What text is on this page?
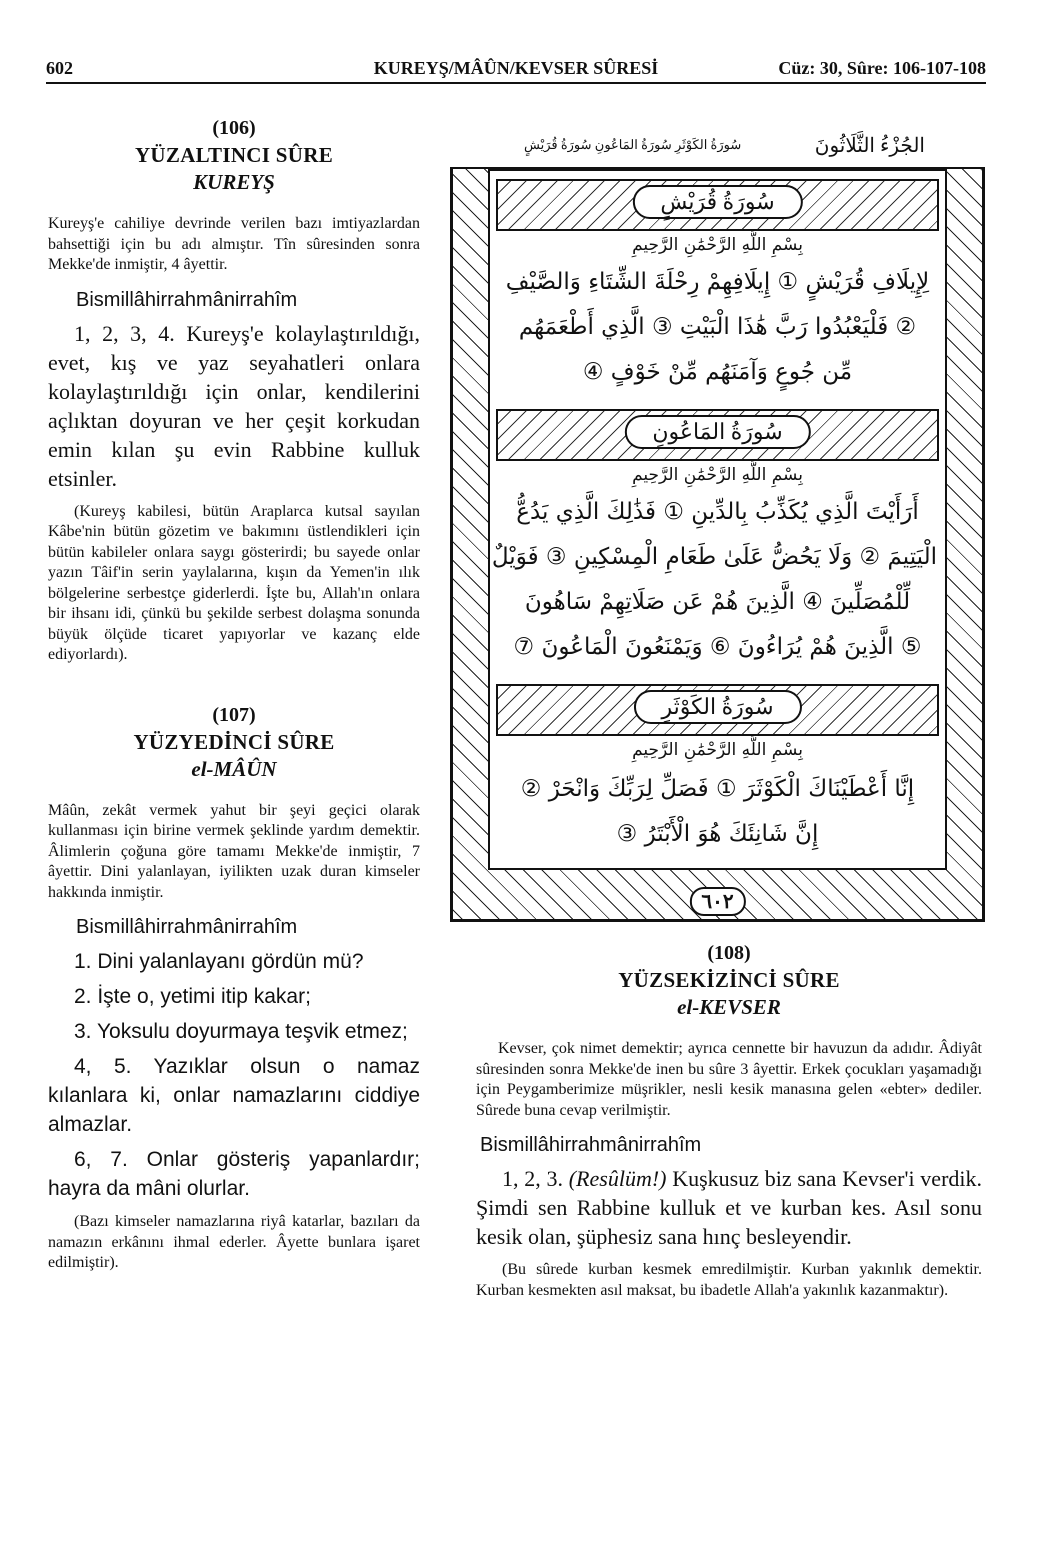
602	KUREYŞ/MÂÛN/KEVSER SÛRESİ	Cüz: 30, Sûre: 106-107-108
(106)
YÜZALTINCI SÛRE
KUREYŞ
Kureyş'e cahiliye devrinde verilen bazı imtiyazlardan bahsettiği için bu adı almıştır. Tîn sûresinden sonra Mekke'de inmiştir, 4 âyettir.
Bismillâhirrahmânirrahîm
1, 2, 3, 4. Kureyş'e kolaylaştırıldığı, evet, kış ve yaz seyahatleri onlara kolaylaştırıldığı için onlar, kendilerini açlıktan doyuran ve her çeşit korkudan emin kılan şu evin Rabbine kulluk etsinler.
(Kureyş kabilesi, bütün Araplarca kutsal sayılan Kâbe'nin bütün gözetim ve bakımını üstlendikleri için bütün kabileler onlara saygı gösterirdi; bu sayede onlar yazın Tâif'in serin yaylalarına, kışın da Yemen'in ılık bölgelerine serbestçe giderlerdi. İşte bu, Allah'ın onlara bir ihsanı idi, çünkü bu şekilde serbest dolaşma sonunda büyük ölçüde ticaret yapıyorlar ve kazanç elde ediyorlardı).
(107)
YÜZYEDİNCİ SÛRE
el-MÂÛN
Mâûn, zekât vermek yahut bir şeyi geçici olarak kullanması için birine vermek şeklinde yardım demektir. Âlimlerin çoğuna göre tamamı Mekke'de inmiştir, 7 âyettir. Dini yalanlayan, iyilikten uzak duran kimseler hakkında inmiştir.
Bismillâhirrahmânirrahîm
1. Dini yalanlayanı gördün mü?
2. İşte o, yetimi itip kakar;
3. Yoksulu doyurmaya teşvik etmez;
4, 5. Yazıklar olsun o namaz kılanlara ki, onlar namazlarını ciddiye almazlar.
6, 7. Onlar gösteriş yapanlardır; hayra da mâni olurlar.
(Bazı kimseler namazlarına riyâ katarlar, bazıları da namazın erkânını ihmal ederler. Âyette bunlara işaret edilmiştir).
الجُزْءُ الثَّلَاثُونَ
سُورَةُ الكَوْثَرِ سُورَةُ المَاعُونِ سُورَةُ قُرَيْشٍ
سُورَةُ قُرَيْشٍ
بِسْمِ اللَّهِ الرَّحْمَٰنِ الرَّحِيمِ
لِإِيلَافِ قُرَيْشٍ ① إِيلَافِهِمْ رِحْلَةَ الشِّتَاءِ وَالصَّيْفِ
② فَلْيَعْبُدُوا رَبَّ هَٰذَا الْبَيْتِ ③ الَّذِي أَطْعَمَهُم
مِّن جُوعٍ وَآمَنَهُم مِّنْ خَوْفٍ ④
سُورَةُ المَاعُونِ
بِسْمِ اللَّهِ الرَّحْمَٰنِ الرَّحِيمِ
أَرَأَيْتَ الَّذِي يُكَذِّبُ بِالدِّينِ ① فَذَٰلِكَ الَّذِي يَدُعُّ
الْيَتِيمَ ② وَلَا يَحُضُّ عَلَىٰ طَعَامِ الْمِسْكِينِ ③ فَوَيْلٌ
لِّلْمُصَلِّينَ ④ الَّذِينَ هُمْ عَن صَلَاتِهِمْ سَاهُونَ
⑤ الَّذِينَ هُمْ يُرَاءُونَ ⑥ وَيَمْنَعُونَ الْمَاعُونَ ⑦
سُورَةُ الكَوْثَرِ
بِسْمِ اللَّهِ الرَّحْمَٰنِ الرَّحِيمِ
إِنَّا أَعْطَيْنَاكَ الْكَوْثَرَ ① فَصَلِّ لِرَبِّكَ وَانْحَرْ ②
إِنَّ شَانِئَكَ هُوَ الْأَبْتَرُ ③
٦٠٢
(108)
YÜZSEKİZİNCİ SÛRE
el-KEVSER
Kevser, çok nimet demektir; ayrıca cennette bir havuzun da adıdır. Âdiyât sûresinden sonra Mekke'de inen bu sûre 3 âyettir. Erkek çocukları yaşamadığı için Peygamberimize müşrikler, nesli kesik manasına gelen «ebter» dediler. Sûrede buna cevap verilmiştir.
Bismillâhirrahmânirrahîm
1, 2, 3. (Resûlüm!) Kuşkusuz biz sana Kevser'i verdik. Şimdi sen Rabbine kulluk et ve kurban kes. Asıl sonu kesik olan, şüphesiz sana hınç besleyendir.
(Bu sûrede kurban kesmek emredilmiştir. Kurban yakınlık demektir. Kurban kesmekten asıl maksat, bu ibadetle Allah'a yakınlık kazanmaktır).
